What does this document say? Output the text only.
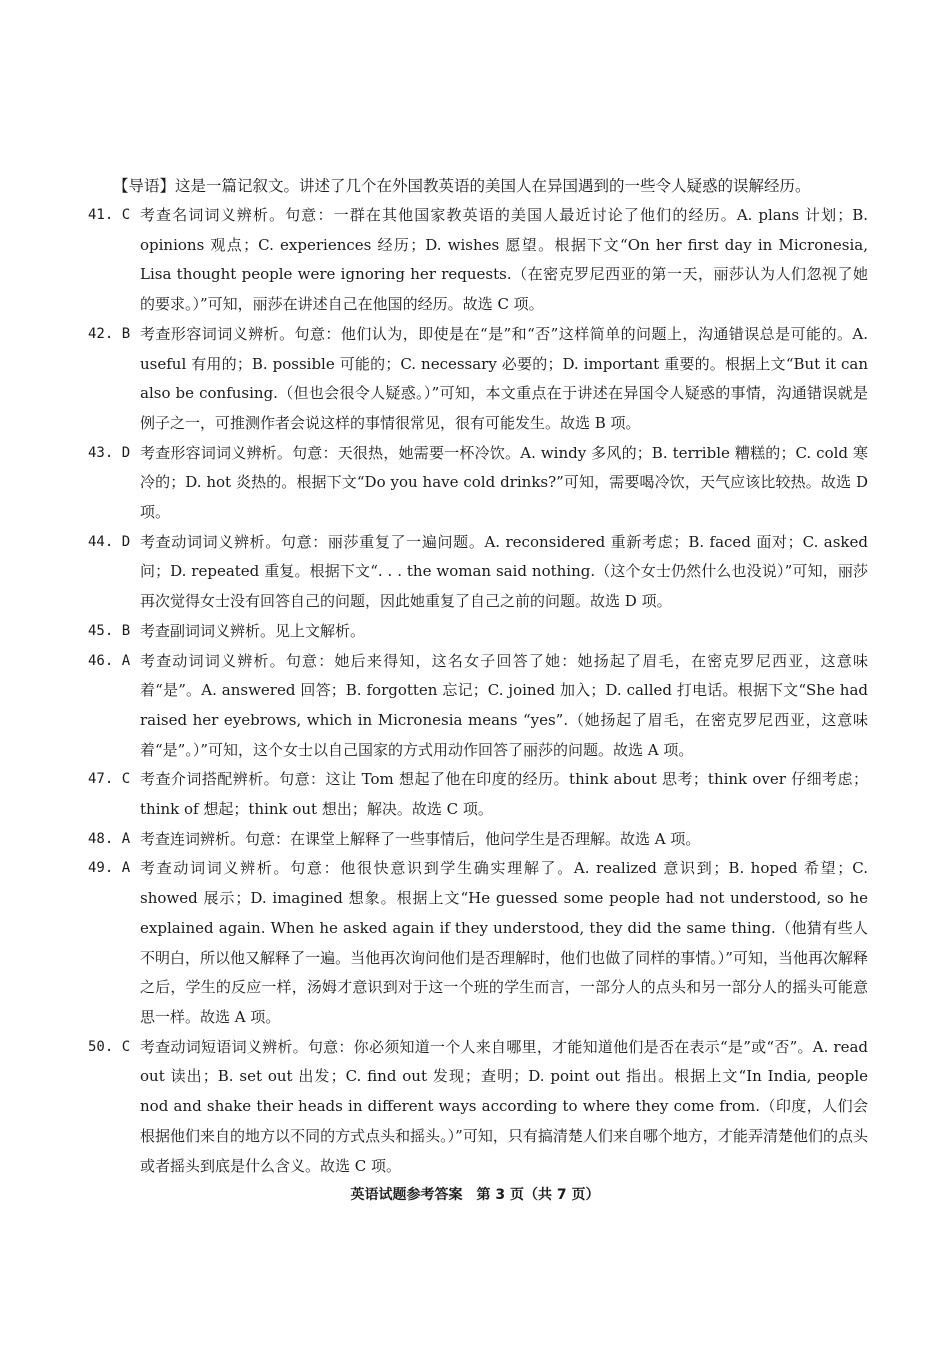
【导语】这是一篇记叙文。讲述了几个在外国教英语的美国人在异国遇到的一些令人疑惑的误解经历。
41. C 考查名词词义辨析。句意：一群在其他国家教英语的美国人最近讨论了他们的经历。A. plans 计划；B. opinions 观点；C. experiences 经历；D. wishes 愿望。根据下文“On her first day in Micronesia, Lisa thought people were ignoring her requests.（在密克罗尼西亚的第一天，丽莎认为人们忽视了她的要求。）”可知，丽莎在讲述自己在他国的经历。故选 C 项。
42. B 考查形容词词义辨析。句意：他们认为，即使是在“是”和“否”这样简单的问题上，沟通错误总是可能的。A. useful 有用的；B. possible 可能的；C. necessary 必要的；D. important 重要的。根据上文“But it can also be confusing.（但也会很令人疑惑。）”可知，本文重点在于讲述在异国令人疑惑的事情，沟通错误就是例子之一，可推测作者会说这样的事情很常见，很有可能发生。故选 B 项。
43. D 考查形容词词义辨析。句意：天很热，她需要一杯冷饮。A. windy 多风的；B. terrible 糟糕的；C. cold 寒冷的；D. hot 炎热的。根据下文“Do you have cold drinks?”可知，需要喝冷饮，天气应该比较热。故选 D 项。
44. D 考查动词词义辨析。句意：丽莎重复了一遍问题。A. reconsidered 重新考虑；B. faced 面对；C. asked 问；D. repeated 重复。根据下文“. . . the woman said nothing.（这个女士仍然什么也没说）”可知，丽莎再次觉得女士没有回答自己的问题，因此她重复了自己之前的问题。故选 D 项。
45. B 考查副词词义辨析。见上文解析。
46. A 考查动词词义辨析。句意：她后来得知，这名女子回答了她：她扬起了眉毛，在密克罗尼西亚，这意味着“是”。A. answered 回答；B. forgotten 忘记；C. joined 加入；D. called 打电话。根据下文“She had raised her eyebrows, which in Micronesia means “yes”.（她扬起了眉毛，在密克罗尼西亚，这意味着“是”。）”可知，这个女士以自己国家的方式用动作回答了丽莎的问题。故选 A 项。
47. C 考查介词搭配辨析。句意：这让 Tom 想起了他在印度的经历。think about 思考；think over 仔细考虑；think of 想起；think out 想出；解决。故选 C 项。
48. A 考查连词辨析。句意：在课堂上解释了一些事情后，他问学生是否理解。故选 A 项。
49. A 考查动词词义辨析。句意：他很快意识到学生确实理解了。A. realized 意识到；B. hoped 希望；C. showed 展示；D. imagined 想象。根据上文“He guessed some people had not understood, so he explained again. When he asked again if they understood, they did the same thing.（他猜有些人不明白，所以他又解释了一遍。当他再次询问他们是否理解时，他们也做了同样的事情。）”可知，当他再次解释之后，学生的反应一样，汤姆才意识到对于这一个班的学生而言，一部分人的点头和另一部分人的摇头可能意思一样。故选 A 项。
50. C 考查动词短语词义辨析。句意：你必须知道一个人来自哪里，才能知道他们是否在表示“是”或“否”。A. read out 读出；B. set out 出发；C. find out 发现；查明；D. point out 指出。根据上文“In India, people nod and shake their heads in different ways according to where they come from.（印度，人们会根据他们来自的地方以不同的方式点头和摇头。）”可知，只有搞清楚人们来自哪个地方，才能弄清楚他们的点头或者摇头到底是什么含义。故选 C 项。
英语试题参考答案　第 3 页（共 7 页）
